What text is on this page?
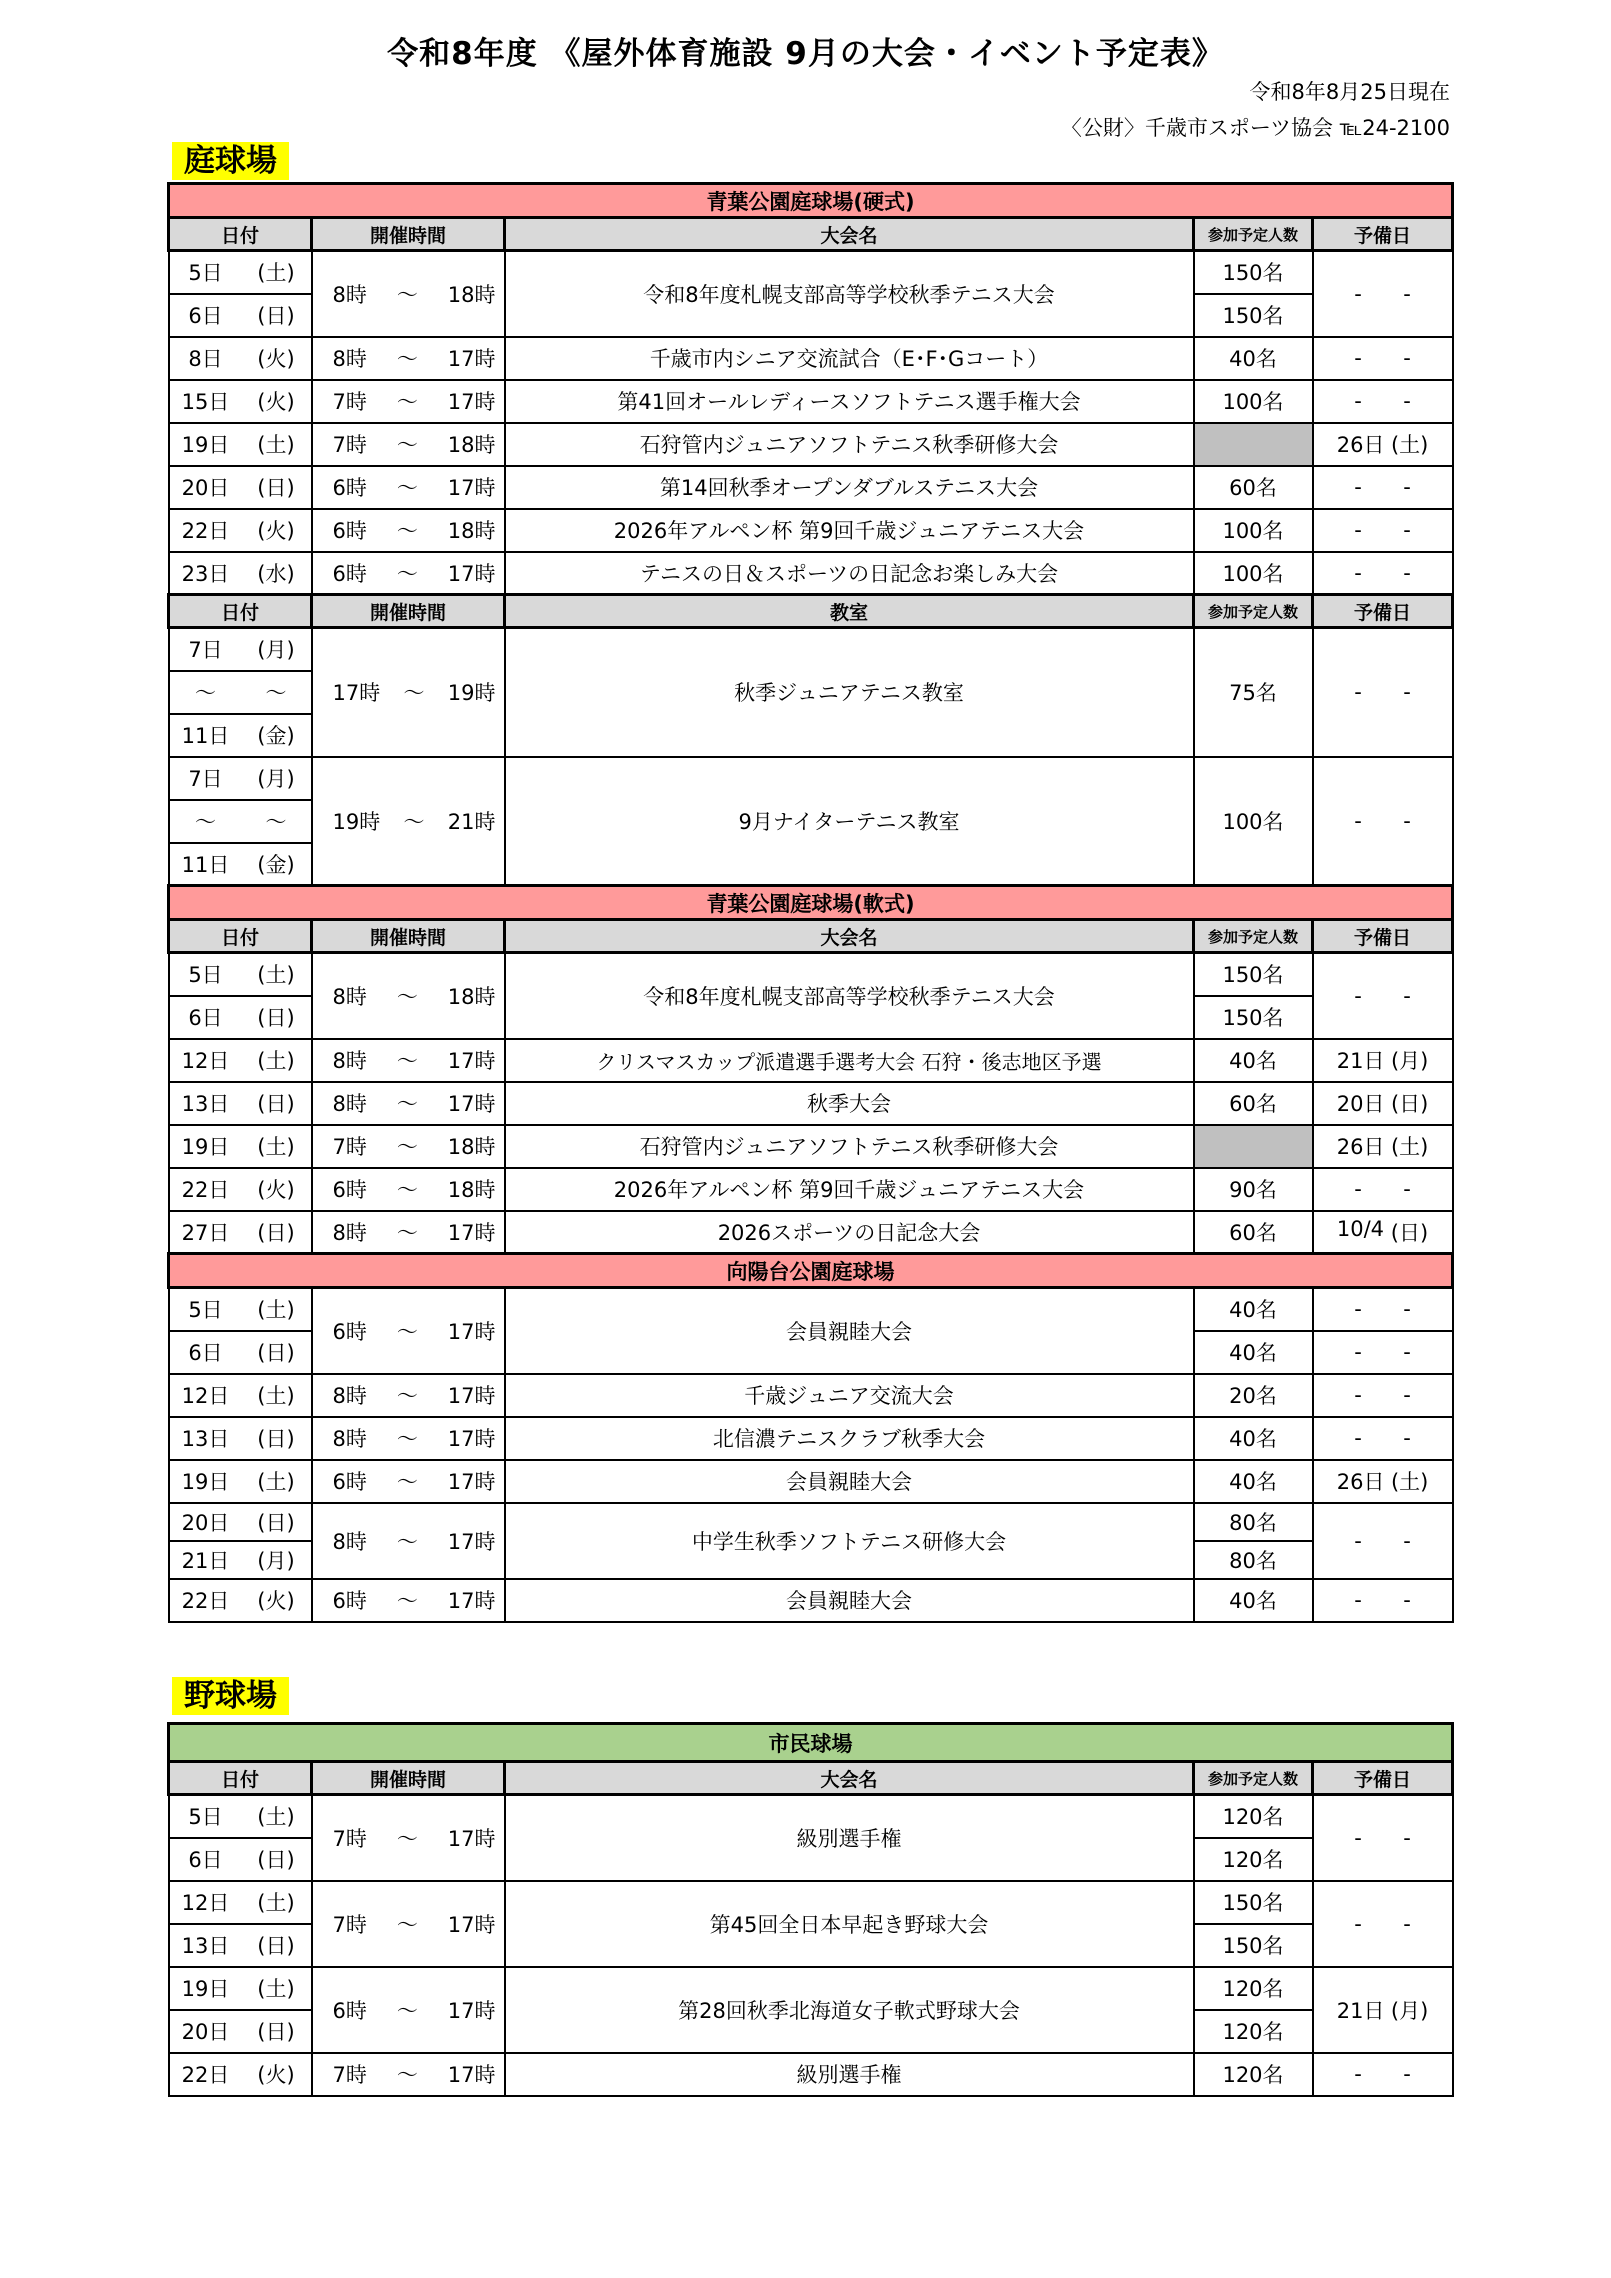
令和8年度 《屋外体育施設 9月の大会・イベント予定表》
令和8年8月25日現在
〈公財〉千歳市スポーツ協会 ℡24-2100
庭球場
青葉公園庭球場(硬式)					
日付		開催時間	大会名	参加予定人数	予備日
5日	(土)	8時 ～ 18時	令和8年度札幌支部高等学校秋季テニス大会	150名	- -

6日	(日)			150名	
8日	(火)	8時 ～ 17時	千歳市内シニア交流試合（E･F･Gコート）	40名	- -

15日	(火)	7時 ～ 17時	第41回オールレディースソフトテニス選手権大会	100名	- -

19日	(土)	7時 ～ 18時	石狩管内ジュニアソフトテニス秋季研修大会		26日 (土)

20日	(日)	6時 ～ 17時	第14回秋季オープンダブルステニス大会	60名	- -

22日	(火)	6時 ～ 18時	2026年アルペン杯 第9回千歳ジュニアテニス大会	100名	- -

23日	(水)	6時 ～ 17時	テニスの日＆スポーツの日記念お楽しみ大会	100名	- -

日付		開催時間	教室	参加予定人数	予備日
7日	(月)	17時 ～ 19時	秋季ジュニアテニス教室	75名	- -

～	～				
11日	(金)				
7日	(月)	19時 ～ 21時	9月ナイターテニス教室	100名	- -

～	～				
11日	(金)				
青葉公園庭球場(軟式)					
日付		開催時間	大会名	参加予定人数	予備日
5日	(土)	8時 ～ 18時	令和8年度札幌支部高等学校秋季テニス大会	150名	- -

6日	(日)			150名	
12日	(土)	8時 ～ 17時	クリスマスカップ派遣選手選考大会 石狩・後志地区予選	40名	21日 (月)

13日	(日)	8時 ～ 17時	秋季大会	60名	20日 (日)

19日	(土)	7時 ～ 18時	石狩管内ジュニアソフトテニス秋季研修大会		26日 (土)

22日	(火)	6時 ～ 18時	2026年アルペン杯 第9回千歳ジュニアテニス大会	90名	- -

27日	(日)	8時 ～ 17時	2026スポーツの日記念大会	60名	10/4 (日)

向陽台公園庭球場					
5日	(土)	6時 ～ 17時	会員親睦大会	40名	- -

6日	(日)			40名	- -

12日	(土)	8時 ～ 17時	千歳ジュニア交流大会	20名	- -

13日	(日)	8時 ～ 17時	北信濃テニスクラブ秋季大会	40名	- -

19日	(土)	6時 ～ 17時	会員親睦大会	40名	26日 (土)

20日	(日)	8時 ～ 17時	中学生秋季ソフトテニス研修大会	80名	- -

21日	(月)			80名	
22日	(火)	6時 ～ 17時	会員親睦大会	40名	- -
野球場
市民球場					
日付		開催時間	大会名	参加予定人数	予備日
5日	(土)	7時 ～ 17時	級別選手権	120名	- -

6日	(日)			120名	
12日	(土)	7時 ～ 17時	第45回全日本早起き野球大会	150名	- -

13日	(日)			150名	
19日	(土)	6時 ～ 17時	第28回秋季北海道女子軟式野球大会	120名	21日 (月)

20日	(日)			120名	
22日	(火)	7時 ～ 17時	級別選手権	120名	- -
